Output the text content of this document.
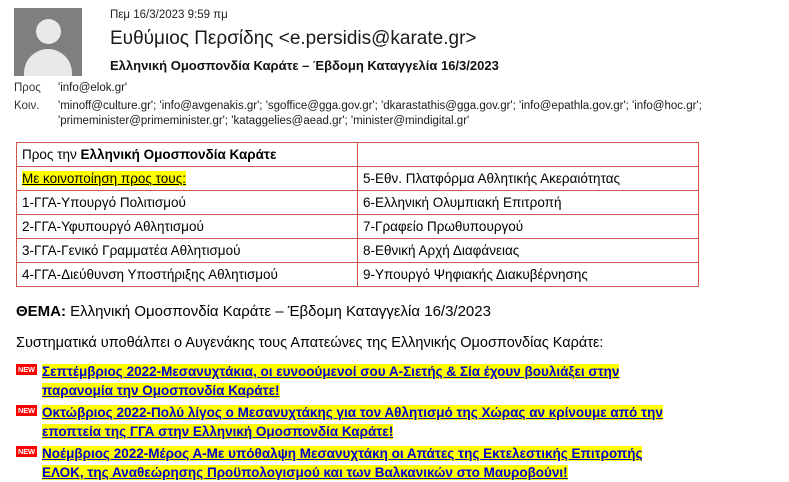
Πεμ 16/3/2023 9:59 πμ
Ευθύμιος Περσίδης <e.persidis@karate.gr>
Ελληνική Ομοσπονδία Καράτε – Έβδομη Καταγγελία 16/3/2023
Προς	'info@elok.gr'
Κοιν.	'minoff@culture.gr'; 'info@avgenakis.gr'; 'sgoffice@gga.gov.gr'; 'dkarastathis@gga.gov.gr'; 'info@epathla.gov.gr'; 'info@hoc.gr';
'primeminister@primeminister.gr'; 'kataggelies@aead.gr'; 'minister@mindigital.gr'
Προς την Ελληνική Ομοσπονδία Καράτε	
Με κοινοποίηση προς τους:	5-Εθν. Πλατφόρμα Αθλητικής Ακεραιότητας
1-ΓΓΑ-Υπουργό Πολιτισμού	6-Ελληνική Ολυμπιακή Επιτροπή
2-ΓΓΑ-Υφυπουργό Αθλητισμού	7-Γραφείο Πρωθυπουργού
3-ΓΓΑ-Γενικό Γραμματέα Αθλητισμού	8-Εθνική Αρχή Διαφάνειας
4-ΓΓΑ-Διεύθυνση Υποστήριξης Αθλητισμού	9-Υπουργό Ψηφιακής Διακυβέρνησης
ΘΕΜΑ: Ελληνική Ομοσπονδία Καράτε – Έβδομη Καταγγελία 16/3/2023
Συστηματικά υποθάλπει ο Αυγενάκης τους Απατεώνες της Ελληνικής Ομοσπονδίας Καράτε:
NEW Σεπτέμβριος 2022-Μεσανυχτάκια, οι ευνοούμενοί σου Α-Σιετής & Σία έχουν βουλιάξει στην
παρανομία την Ομοσπονδία Καράτε!
NEW Οκτώβριος 2022-Πολύ λίγος ο Μεσανυχτάκης για τον Αθλητισμό της Χώρας αν κρίνουμε από την
εποπτεία της ΓΓΑ στην Ελληνική Ομοσπονδία Καράτε!
NEW Νοέμβριος 2022-Μέρος Α-Με υπόθαλψη Μεσανυχτάκη οι Απάτες της Εκτελεστικής Επιτροπής
ΕΛΟΚ, της Αναθεώρησης Προϋπολογισμού και των Βαλκανικών στο Μαυροβούνι!
